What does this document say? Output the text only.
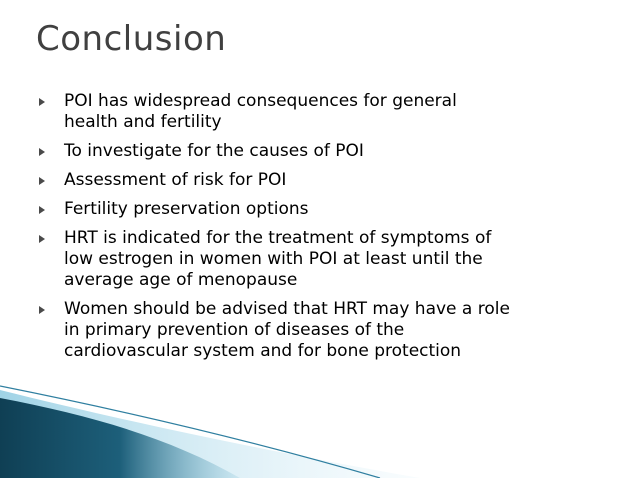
Conclusion
POI has widespread consequences for general
health and fertility
To investigate for the causes of POI
Assessment of risk for POI
Fertility preservation options
HRT is indicated for the treatment of symptoms of
low estrogen in women with POI at least until the
average age of menopause
Women should be advised that HRT may have a role
in primary prevention of diseases of the
cardiovascular system and for bone protection
